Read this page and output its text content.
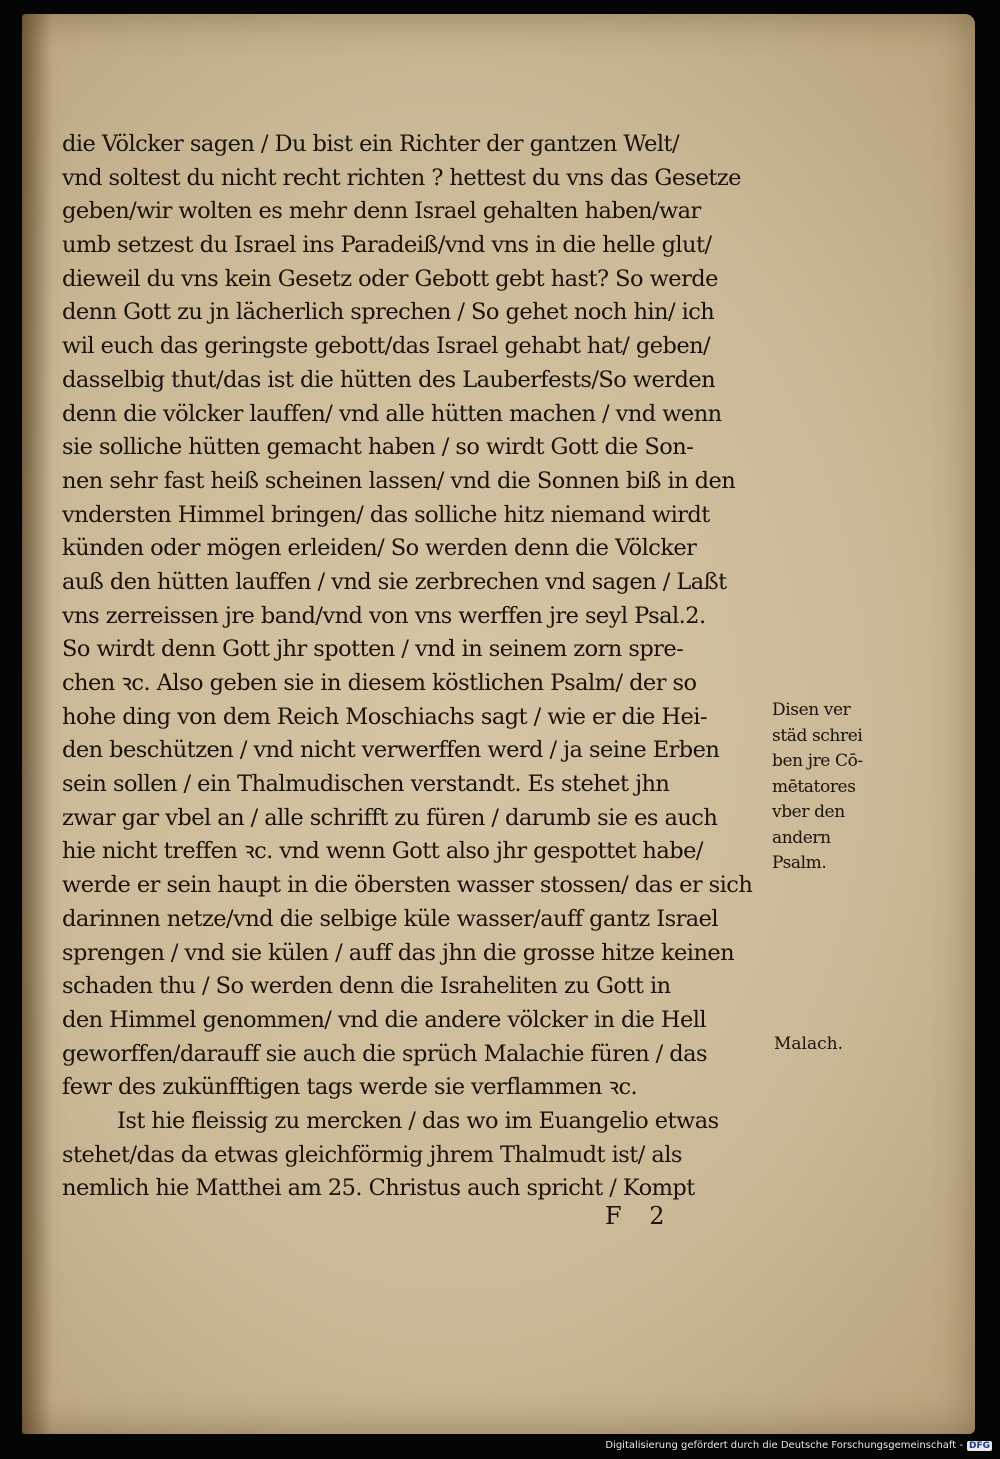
die Völcker sagen / Du bist ein Richter der gantzen Welt/
vnd soltest du nicht recht richten ? hettest du vns das Gesetze
geben/wir wolten es mehr denn Israel gehalten haben/war
umb setzest du Israel ins Paradeiß/vnd vns in die helle glut/
dieweil du vns kein Gesetz oder Gebott gebt hast? So werde
denn Gott zu jn lächerlich sprechen / So gehet noch hin/ ich
wil euch das geringste gebott/das Israel gehabt hat/ geben/
dasselbig thut/das ist die hütten des Lauberfests/So werden
denn die völcker lauffen/ vnd alle hütten machen / vnd wenn
sie solliche hütten gemacht haben / so wirdt Gott die Son-
nen sehr fast heiß scheinen lassen/ vnd die Sonnen biß in den
vndersten Himmel bringen/ das solliche hitz niemand wirdt
künden oder mögen erleiden/ So werden denn die Völcker
auß den hütten lauffen / vnd sie zerbrechen vnd sagen / Laßt
vns zerreissen jre band/vnd von vns werffen jre seyl Psal.2.
So wirdt denn Gott jhr spotten / vnd in seinem zorn spre-
chen ꝛc. Also geben sie in diesem köstlichen Psalm/ der so
hohe ding von dem Reich Moschiachs sagt / wie er die Hei-
den beschützen / vnd nicht verwerffen werd / ja seine Erben
sein sollen / ein Thalmudischen verstandt. Es stehet jhn
zwar gar vbel an / alle schrifft zu füren / darumb sie es auch
hie nicht treffen ꝛc. vnd wenn Gott also jhr gespottet habe/
werde er sein haupt in die öbersten wasser stossen/ das er sich
darinnen netze/vnd die selbige küle wasser/auff gantz Israel
sprengen / vnd sie külen / auff das jhn die grosse hitze keinen
schaden thu / So werden denn die Israheliten zu Gott in
den Himmel genommen/ vnd die andere völcker in die Hell
geworffen/darauff sie auch die sprüch Malachie füren / das
fewr des zukünfftigen tags werde sie verflammen ꝛc.
Ist hie fleissig zu mercken / das wo im Euangelio etwas
stehet/das da etwas gleichförmig jhrem Thalmudt ist/ als
nemlich hie Matthei am 25. Christus auch spricht / Kompt
Disen ver
städ schrei
ben jre Cō-
mētatores
vber den
andern
Psalm.
Malach.
F 2
Digitalisierung gefördert durch die Deutsche Forschungsgemeinschaft - DFG
